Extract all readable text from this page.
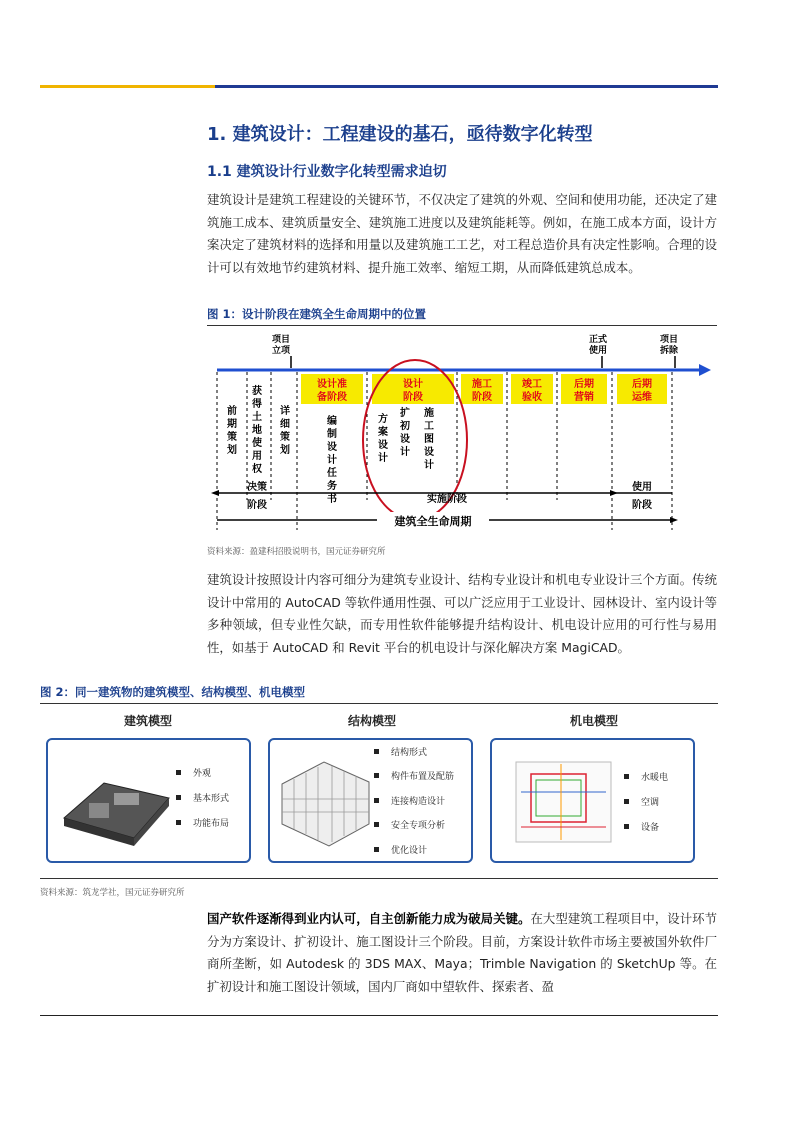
1. 建筑设计：工程建设的基石，亟待数字化转型
1.1 建筑设计行业数字化转型需求迫切
建筑设计是建筑工程建设的关键环节，不仅决定了建筑的外观、空间和使用功能，还决定了建筑施工成本、建筑质量安全、建筑施工进度以及建筑能耗等。例如，在施工成本方面，设计方案决定了建筑材料的选择和用量以及建筑施工工艺，对工程总造价具有决定性影响。合理的设计可以有效地节约建筑材料、提升施工效率、缩短工期，从而降低建筑总成本。
图 1：设计阶段在建筑全生命周期中的位置
项目
立项
正式
使用
项目
拆除
设计准
备阶段
设计
阶段
施工
阶段
竣工
验收
后期
营销
后期
运维
前期策划
获得土地使用权
详细策划
编制设计任务书
方案设计
扩初设计
施工图设计
决策
阶段
实施阶段
使用
阶段
建筑全生命周期
资料来源：盈建科招股说明书，国元证券研究所
建筑设计按照设计内容可细分为建筑专业设计、结构专业设计和机电专业设计三个方面。传统设计中常用的 AutoCAD 等软件通用性强、可以广泛应用于工业设计、园林设计、室内设计等多种领域，但专业性欠缺，而专用性软件能够提升结构设计、机电设计应用的可行性与易用性，如基于 AutoCAD 和 Revit 平台的机电设计与深化解决方案 MagiCAD。
图 2：同一建筑物的建筑模型、结构模型、机电模型
建筑模型	结构模型	机电模型
外观
基本形式
功能布局
结构形式
构件布置及配筋
连接构造设计
安全专项分析
优化设计
水暖电
空调
设备
资料来源：筑龙学社，国元证券研究所
国产软件逐渐得到业内认可，自主创新能力成为破局关键。在大型建筑工程项目中，设计环节分为方案设计、扩初设计、施工图设计三个阶段。目前，方案设计软件市场主要被国外软件厂商所垄断，如 Autodesk 的 3DS MAX、Maya；Trimble Navigation 的 SketchUp 等。在扩初设计和施工图设计领域，国内厂商如中望软件、探索者、盈
